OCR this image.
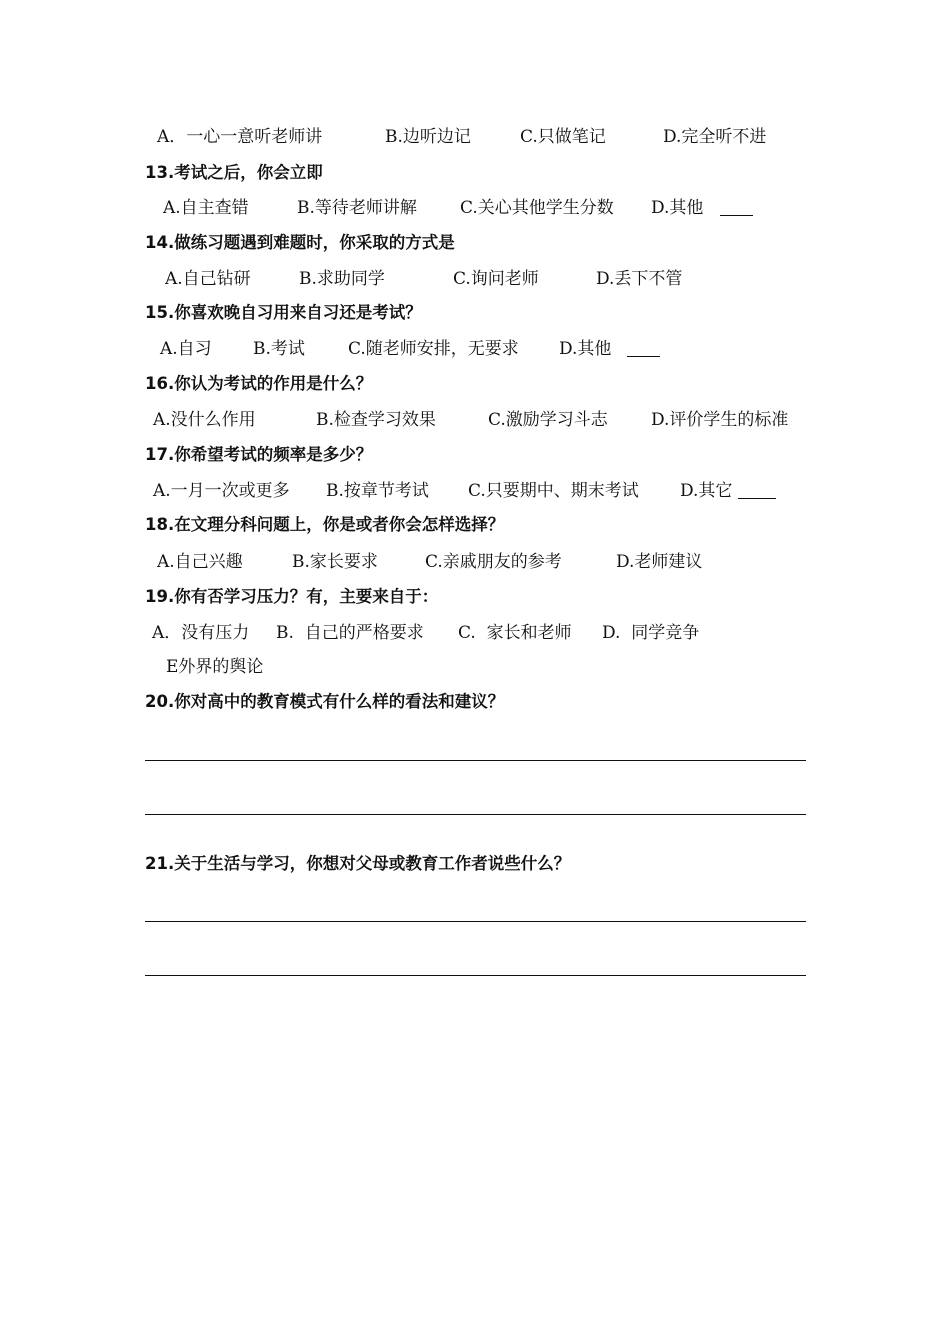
A．一心一意听老师讲	B.边听边记	C.只做笔记	D.完全听不进
13.考试之后，你会立即
A.自主查错	B.等待老师讲解	C.关心其他学生分数 D.其他
14.做练习题遇到难题时，你采取的方式是
A.自己钻研	B.求助同学	C.询问老师	D.丢下不管
15.你喜欢晚自习用来自习还是考试？
A.自习 B.考试	C.随老师安排，无要求 D.其他
16.你认为考试的作用是什么？
A.没什么作用	B.检查学习效果	C.激励学习斗志	D.评价学生的标准
17.你希望考试的频率是多少？
A.一月一次或更多 B.按章节考试 C.只要期中、期末考试 D.其它
18.在文理分科问题上，你是或者你会怎样选择？
A.自己兴趣	B.家长要求	C.亲戚朋友的参考	D.老师建议
19.你有否学习压力？有，主要来自于：
A．没有压力 B.  自己的严格要求 C.  家长和老师 D.  同学竞争
E外界的舆论
20.你对高中的教育模式有什么样的看法和建议？
21.关于生活与学习，你想对父母或教育工作者说些什么？
